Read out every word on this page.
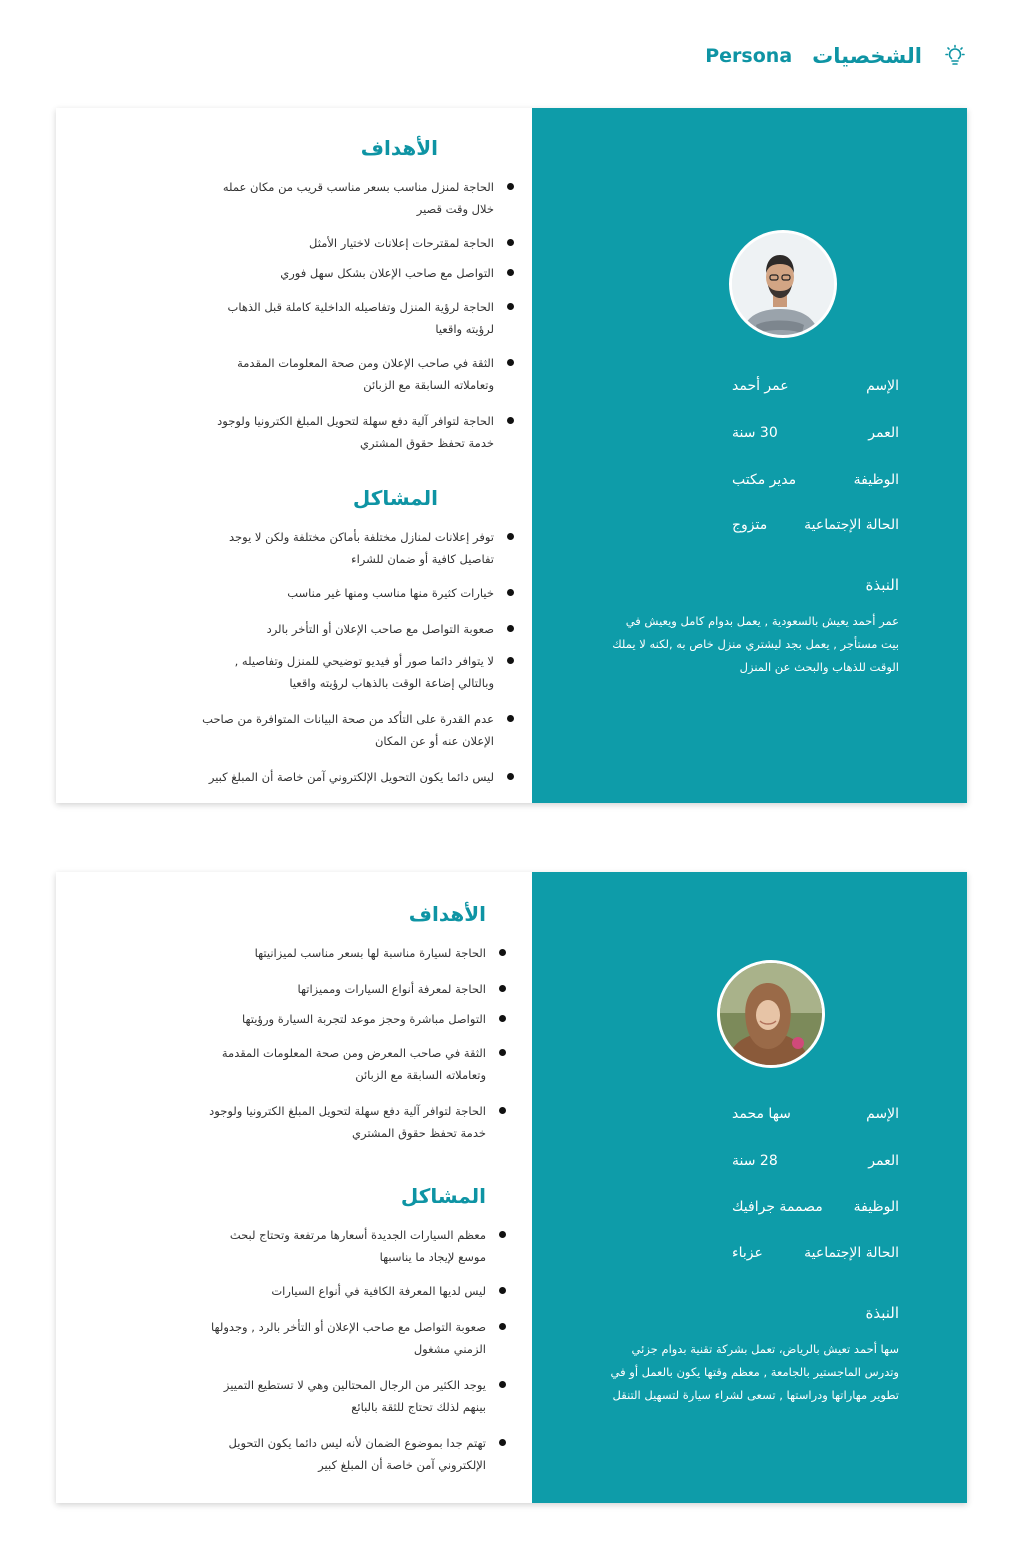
Persona الشخصيات
الإسم
عمر أحمد
العمر
30 سنة
الوظيفة
مدير مكتب
الحالة الإجتماعية
متزوج
النبذة
عمر أحمد يعيش بالسعودية , يعمل بدوام كامل ويعيش في
بيت مستأجر , يعمل بجد ليشتري منزل خاص به ,لكنه لا يملك
الوقت للذهاب والبحث عن المنزل
الأهداف
الحاجة لمنزل مناسب بسعر مناسب قريب من مكان عمله
خلال وقت قصير
الحاجة لمقترحات إعلانات لاختيار الأمثل
التواصل مع صاحب الإعلان بشكل سهل فوري
الحاجة لرؤية المنزل وتفاصيله الداخلية كاملة قبل الذهاب
لرؤيته واقعيا
الثقة في صاحب الإعلان ومن صحة المعلومات المقدمة
وتعاملاته السابقة مع الزبائن
الحاجة لتوافر آلية دفع سهلة لتحويل المبلغ الكترونيا ولوجود
خدمة تحفظ حقوق المشتري
المشاكل
توفر إعلانات لمنازل مختلفة بأماكن مختلفة ولكن لا يوجد
تفاصيل كافية أو ضمان للشراء
خيارات كثيرة منها مناسب ومنها غير مناسب
صعوبة التواصل مع صاحب الإعلان أو التأخر بالرد
لا يتوافر دائما صور أو فيديو توضيحي للمنزل وتفاصيله ,
وبالتالي إضاعة الوقت بالذهاب لرؤيته واقعيا
عدم القدرة على التأكد من صحة البيانات المتوافرة من صاحب
الإعلان عنه أو عن المكان
ليس دائما يكون التحويل الإلكتروني آمن خاصة أن المبلغ كبير
الإسم
سها محمد
العمر
28 سنة
الوظيفة
مصممة جرافيك
الحالة الإجتماعية
عزباء
النبذة
سها أحمد تعيش بالرياض، تعمل بشركة تقنية بدوام جزئي
وتدرس الماجستير بالجامعة , معظم وقتها يكون بالعمل أو في
تطوير مهاراتها ودراستها , تسعى لشراء سيارة لتسهيل التنقل
الأهداف
الحاجة لسيارة مناسبة لها بسعر مناسب لميزانيتها
الحاجة لمعرفة أنواع السيارات ومميزاتها
التواصل مباشرة وحجز موعد لتجربة السيارة ورؤيتها
الثقة في صاحب المعرض ومن صحة المعلومات المقدمة
وتعاملاته السابقة مع الزبائن
الحاجة لتوافر آلية دفع سهلة لتحويل المبلغ الكترونيا ولوجود
خدمة تحفظ حقوق المشتري
المشاكل
معظم السيارات الجديدة أسعارها مرتفعة وتحتاج لبحث
موسع لإيجاد ما يناسبها
ليس لديها المعرفة الكافية في أنواع السيارات
صعوبة التواصل مع صاحب الإعلان أو التأخر بالرد , وجدولها
الزمني مشغول
يوجد الكثير من الرجال المحتالين وهي لا تستطيع التمييز
بينهم لذلك تحتاج للثقة بالبائع
تهتم جدا بموضوع الضمان لأنه ليس دائما يكون التحويل
الإلكتروني آمن خاصة أن المبلغ كبير
